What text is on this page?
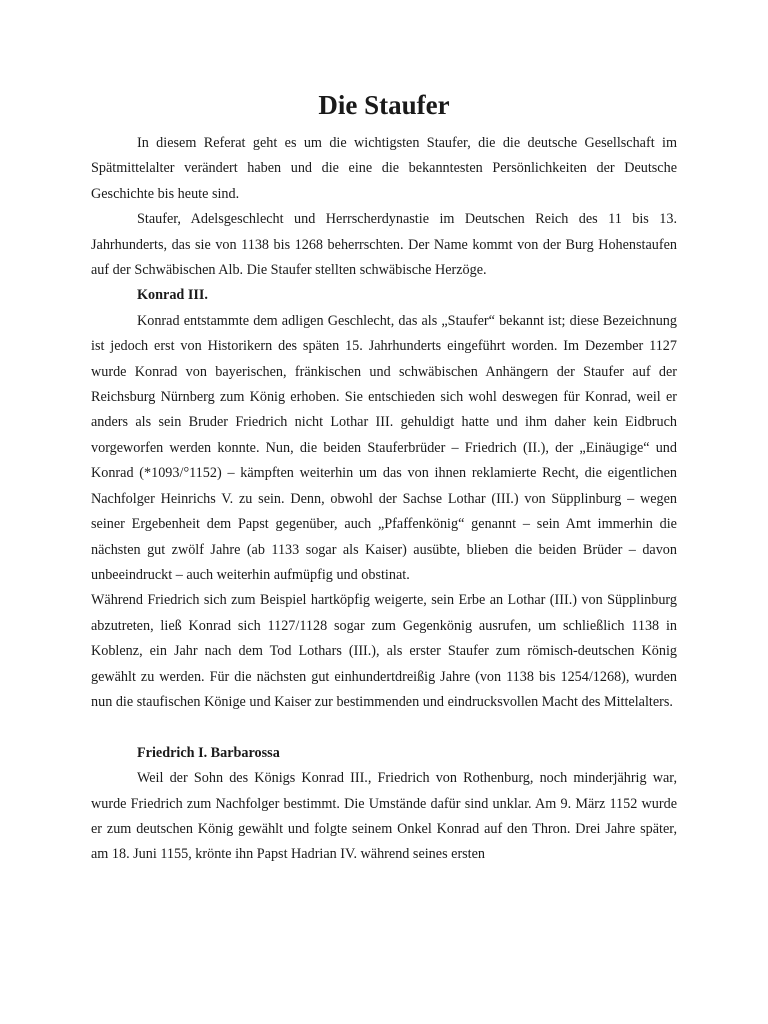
Die Staufer

In diesem Referat geht es um die wichtigsten Staufer, die die deutsche Gesellschaft im Spätmittelalter verändert haben und die eine die bekanntesten Persönlichkeiten der Deutsche Geschichte bis heute sind.

Staufer, Adelsgeschlecht und Herrscherdynastie im Deutschen Reich des 11 bis 13. Jahrhunderts, das sie von 1138 bis 1268 beherrschten. Der Name kommt von der Burg Hohenstaufen auf der Schwäbischen Alb. Die Staufer stellten schwäbische Herzöge.

Konrad III.

Konrad entstammte dem adligen Geschlecht, das als „Staufer“ bekannt ist; diese Bezeichnung ist jedoch erst von Historikern des späten 15. Jahrhunderts eingeführt worden. Im Dezember 1127 wurde Konrad von bayerischen, fränkischen und schwäbischen Anhängern der Staufer auf der Reichsburg Nürnberg zum König erhoben. Sie entschieden sich wohl deswegen für Konrad, weil er anders als sein Bruder Friedrich nicht Lothar III. gehuldigt hatte und ihm daher kein Eidbruch vorgeworfen werden konnte. Nun, die beiden Stauferbrüder – Friedrich (II.), der „Einäugige“ und Konrad (*1093/°1152) – kämpften weiterhin um das von ihnen reklamierte Recht, die eigentlichen Nachfolger Heinrichs V. zu sein. Denn, obwohl der Sachse Lothar (III.) von Süpplinburg – wegen seiner Ergebenheit dem Papst gegenüber, auch „Pfaffenkönig“ genannt – sein Amt immerhin die nächsten gut zwölf Jahre (ab 1133 sogar als Kaiser) ausübte, blieben die beiden Brüder – davon unbeeindruckt – auch weiterhin aufmüpfig und obstinat.

Während Friedrich sich zum Beispiel hartköpfig weigerte, sein Erbe an Lothar (III.) von Süpplinburg abzutreten, ließ Konrad sich 1127/1128 sogar zum Gegenkönig ausrufen, um schließlich 1138 in Koblenz, ein Jahr nach dem Tod Lothars (III.), als erster Staufer zum römisch-deutschen König gewählt zu werden. Für die nächsten gut einhundertdreißig Jahre (von 1138 bis 1254/1268), wurden nun die staufischen Könige und Kaiser zur bestimmenden und eindrucksvollen Macht des Mittelalters.

Friedrich I. Barbarossa

Weil der Sohn des Königs Konrad III., Friedrich von Rothenburg, noch minderjährig war, wurde Friedrich zum Nachfolger bestimmt. Die Umstände dafür sind unklar. Am 9. März 1152 wurde er zum deutschen König gewählt und folgte seinem Onkel Konrad auf den Thron. Drei Jahre später, am 18. Juni 1155, krönte ihn Papst Hadrian IV. während seines ersten
